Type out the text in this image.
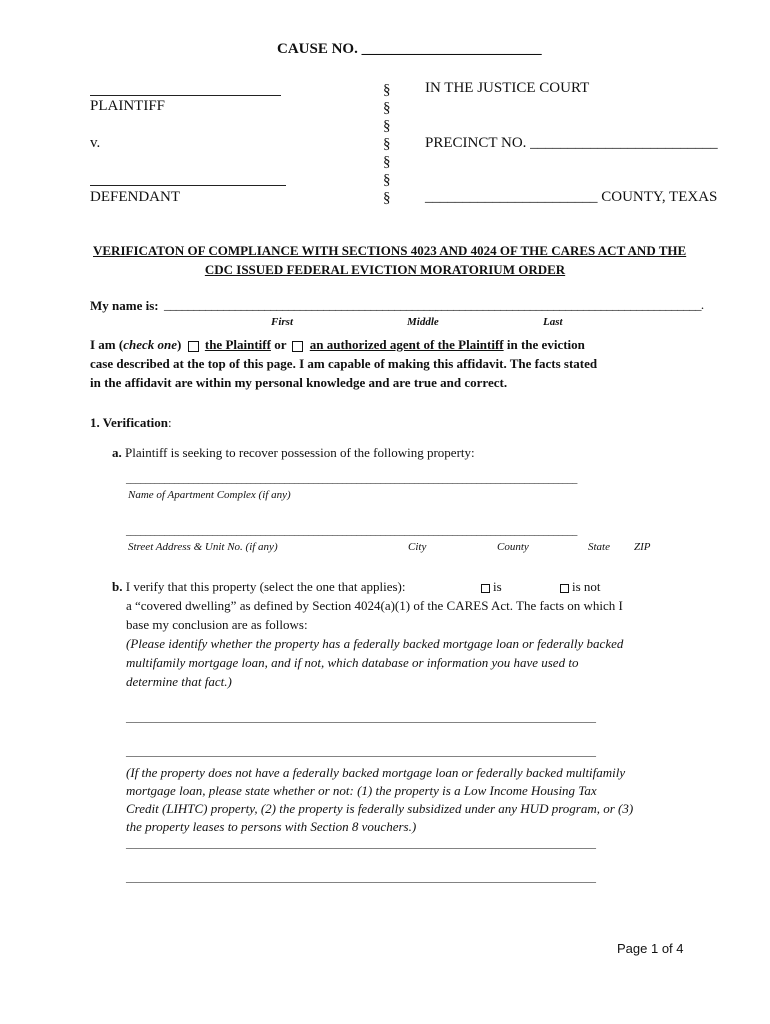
CAUSE NO. ________________________
PLAINTIFF
v.
DEFENDANT
§
§
§
§
§
§
§
IN THE JUSTICE COURT
PRECINCT NO. _________________________
_______________________ COUNTY, TEXAS
VERIFICATON OF COMPLIANCE WITH SECTIONS 4023 AND 4024 OF THE CARES ACT AND THE
CDC ISSUED FEDERAL EVICTION MORATORIUM ORDER
My name is: ___________________________________________________________________________________________.
First	Middle	Last
I am (check one) the Plaintiff or an authorized agent of the Plaintiff in the eviction
case described at the top of this page. I am capable of making this affidavit. The facts stated
in the affidavit are within my personal knowledge and are true and correct.
1. Verification:
a. Plaintiff is seeking to recover possession of the following property:
______________________________________________________________________________________________
Name of Apartment Complex (if any)
______________________________________________________________________________________________
Street Address & Unit No. (if any)	City	County	State ZIP
b. I verify that this property (select the one that applies):	is	is not
a “covered dwelling” as defined by Section 4024(a)(1) of the CARES Act. The facts on which I
base my conclusion are as follows:
(Please identify whether the property has a federally backed mortgage loan or federally backed
multifamily mortgage loan, and if not, which database or information you have used to
determine that fact.)
______________________________________________________________________________________________
______________________________________________________________________________________________
(If the property does not have a federally backed mortgage loan or federally backed multifamily
mortgage loan, please state whether or not: (1) the property is a Low Income Housing Tax
Credit (LIHTC) property, (2) the property is federally subsidized under any HUD program, or (3)
the property leases to persons with Section 8 vouchers.)
______________________________________________________________________________________________
______________________________________________________________________________________________
Page 1 of 4
